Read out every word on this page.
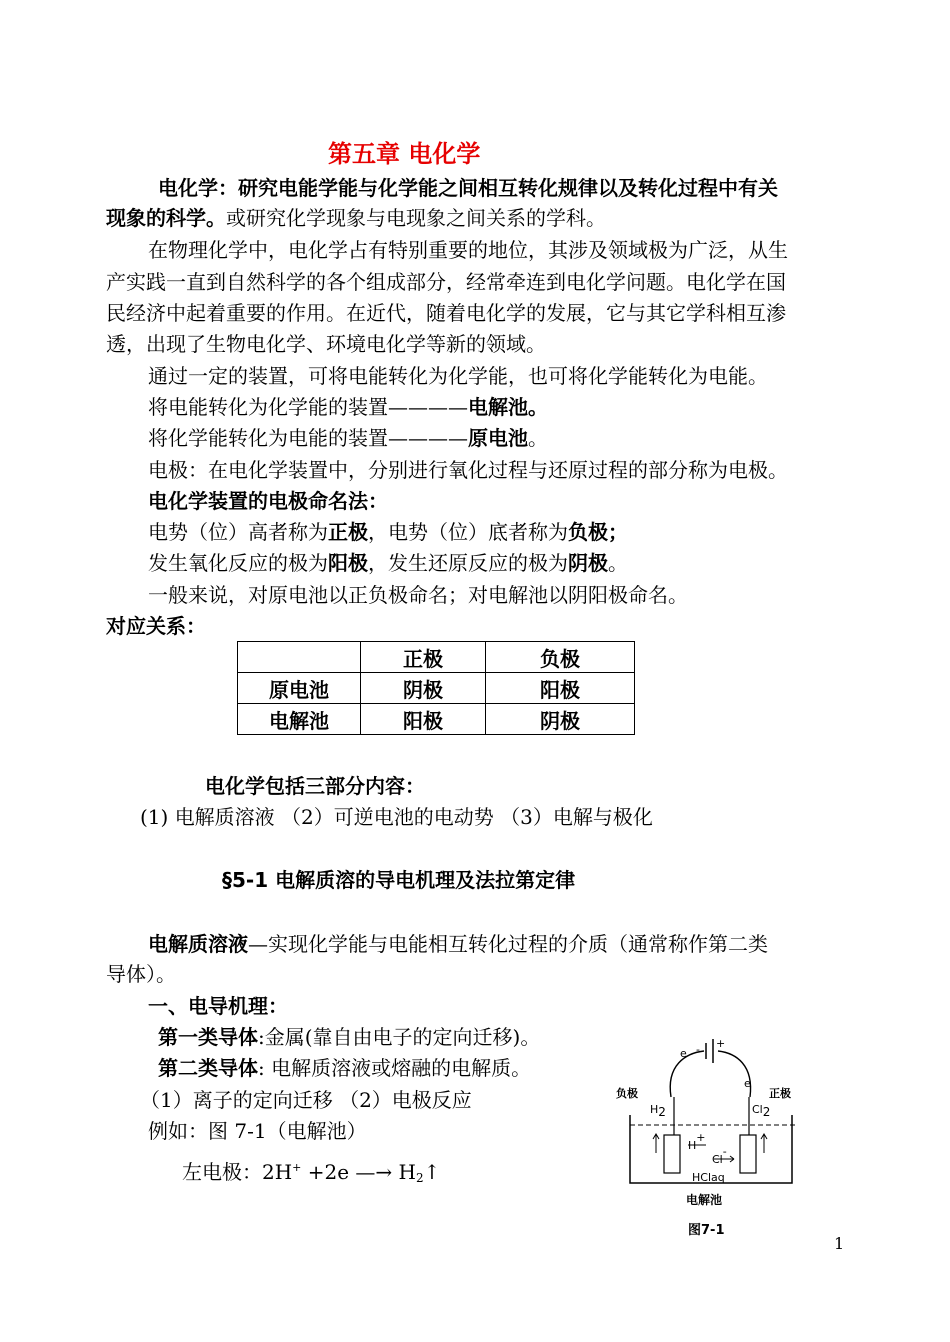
第五章 电化学
电化学：研究电能学能与化学能之间相互转化规律以及转化过程中有关
现象的科学。或研究化学现象与电现象之间关系的学科。
在物理化学中，电化学占有特别重要的地位，其涉及领域极为广泛，从生
产实践一直到自然科学的各个组成部分，经常牵连到电化学问题。电化学在国
民经济中起着重要的作用。在近代，随着电化学的发展，它与其它学科相互渗
透，出现了生物电化学、环境电化学等新的领域。
通过一定的装置，可将电能转化为化学能，也可将化学能转化为电能。
将电能转化为化学能的装置————电解池。
将化学能转化为电能的装置————原电池。
电极：在电化学装置中，分别进行氧化过程与还原过程的部分称为电极。
电化学装置的电极命名法：
电势（位）高者称为正极，电势（位）底者称为负极；
发生氧化反应的极为阳极，发生还原反应的极为阴极。
一般来说，对原电池以正负极命名；对电解池以阴阳极命名。
对应关系：
	正极	负极
原电池	阴极	阳极
电解池	阳极	阴极
电化学包括三部分内容：
(1) 电解质溶液 （2）可逆电池的电动势 （3）电解与极化
§5-1 电解质溶的导电机理及法拉第定律
电解质溶液—实现化学能与电能相互转化过程的介质（通常称作第二类
导体）。
一、电导机理：
第一类导体:金属(靠自由电子的定向迁移)。
第二类导体: 电解质溶液或熔融的电解质。
（1）离子的定向迁移 （2）电极反应
例如：图 7-1（电解池）
左电极：2H+ +2e —→ $H_2↑$
e - +
e
负极	正极
$H_2$	$Cl_2$
H+
Cl-
HClaq
电解池
图7-1
1
